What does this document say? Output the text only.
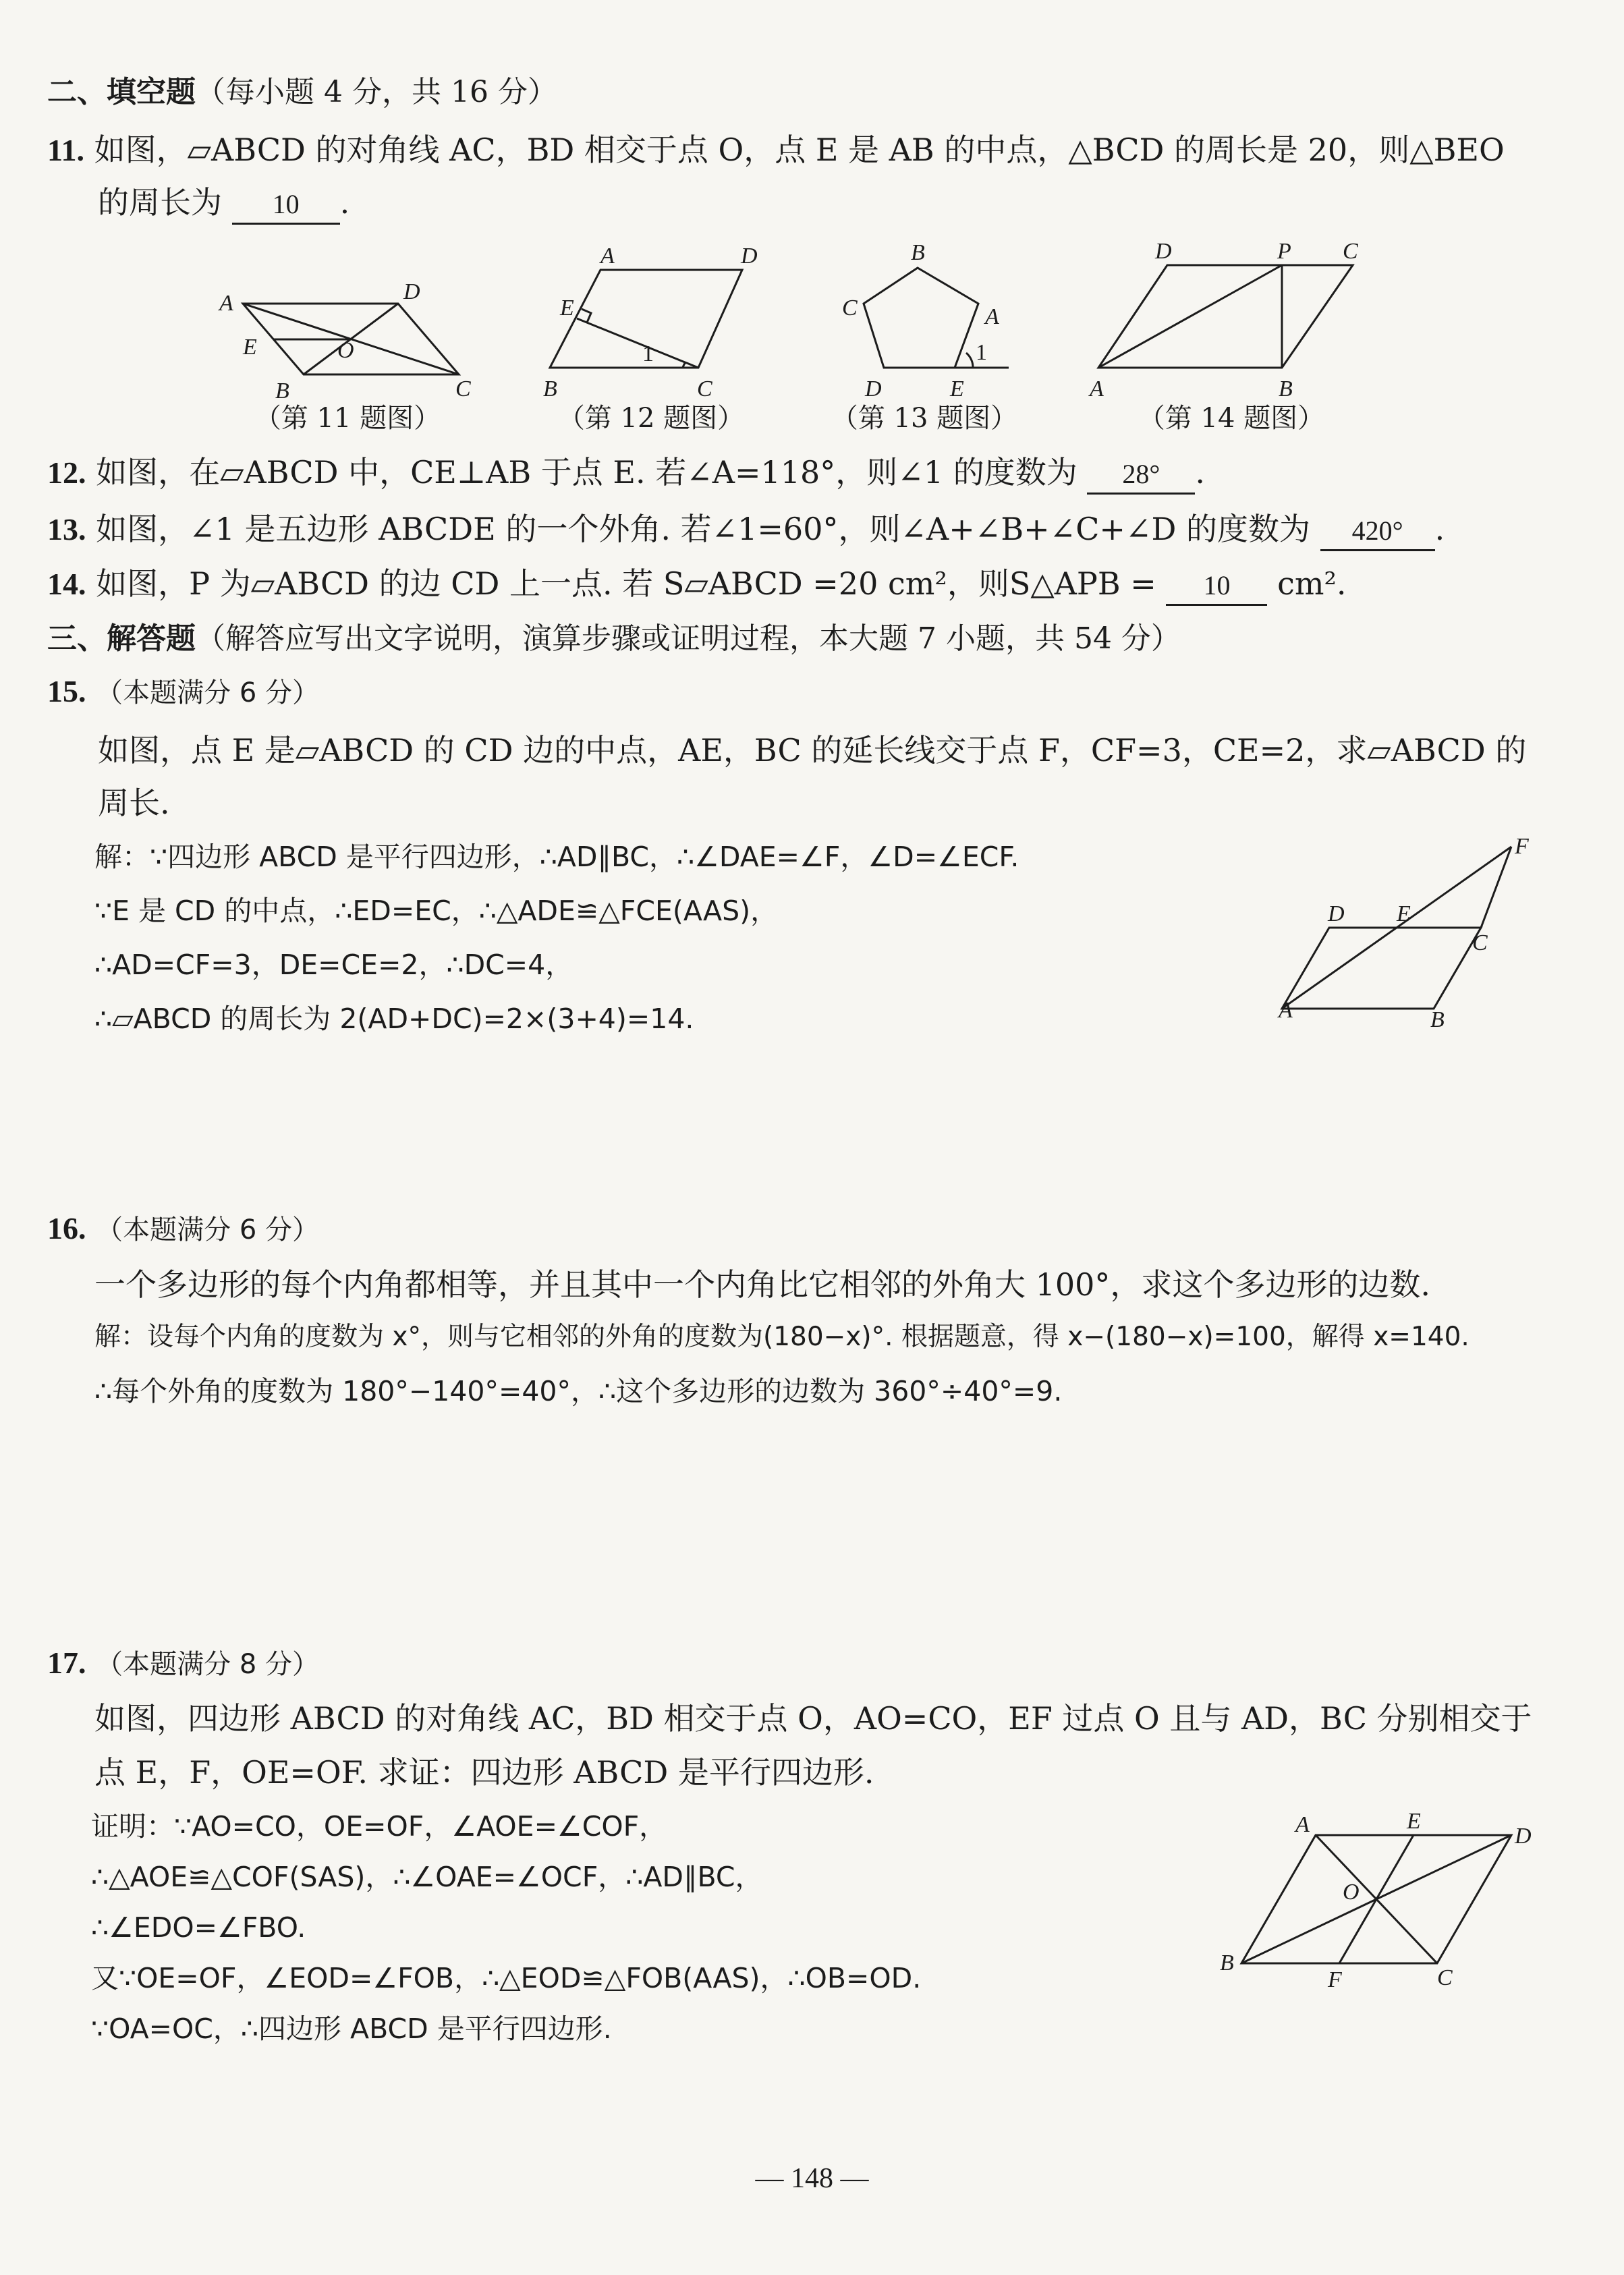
二、填空题（每小题 4 分，共 16 分）
11. 如图，▱ABCD 的对角线 AC，BD 相交于点 O，点 E 是 AB 的中点，△BCD 的周长是 20，则△BEO
的周长为 10 .
A	D
E	O
B	C
A	D
E
1
B	C
B
C	A
1
D	E
D	P C
A	B
（第 11 题图）	（第 12 题图）	（第 13 题图）	（第 14 题图）
12. 如图，在▱ABCD 中，CE⊥AB 于点 E. 若∠A=118°，则∠1 的度数为 28° .
13. 如图，∠1 是五边形 ABCDE 的一个外角. 若∠1=60°，则∠A+∠B+∠C+∠D 的度数为 420° .
14. 如图，P 为▱ABCD 的边 CD 上一点. 若 S▱ABCD =20 cm²，则S△APB = 10 cm².
三、解答题（解答应写出文字说明，演算步骤或证明过程，本大题 7 小题，共 54 分）
15. （本题满分 6 分）
如图，点 E 是▱ABCD 的 CD 边的中点，AE，BC 的延长线交于点 F，CF=3，CE=2，求▱ABCD 的
周长.
解：∵四边形 ABCD 是平行四边形，∴AD∥BC，∴∠DAE=∠F，∠D=∠ECF.
∵E 是 CD 的中点，∴ED=EC，∴△ADE≌△FCE(AAS)，
∴AD=CF=3，DE=CE=2，∴DC=4，
∴▱ABCD 的周长为 2(AD+DC)=2×(3+4)=14.
F
D E
C
A	B
16. （本题满分 6 分）
一个多边形的每个内角都相等，并且其中一个内角比它相邻的外角大 100°，求这个多边形的边数.
解：设每个内角的度数为 x°，则与它相邻的外角的度数为(180−x)°. 根据题意，得 x−(180−x)=100，解得 x=140.
∴每个外角的度数为 180°−140°=40°，∴这个多边形的边数为 360°÷40°=9.
17. （本题满分 8 分）
如图，四边形 ABCD 的对角线 AC，BD 相交于点 O，AO=CO，EF 过点 O 且与 AD，BC 分别相交于
点 E，F，OE=OF. 求证：四边形 ABCD 是平行四边形.
证明：∵AO=CO，OE=OF，∠AOE=∠COF，
∴△AOE≌△COF(SAS)，∴∠OAE=∠OCF，∴AD∥BC，
∴∠EDO=∠FBO.
又∵OE=OF，∠EOD=∠FOB，∴△EOD≌△FOB(AAS)，∴OB=OD.
∵OA=OC，∴四边形 ABCD 是平行四边形.
A	E
D
O
B
F	C
— 148 —
